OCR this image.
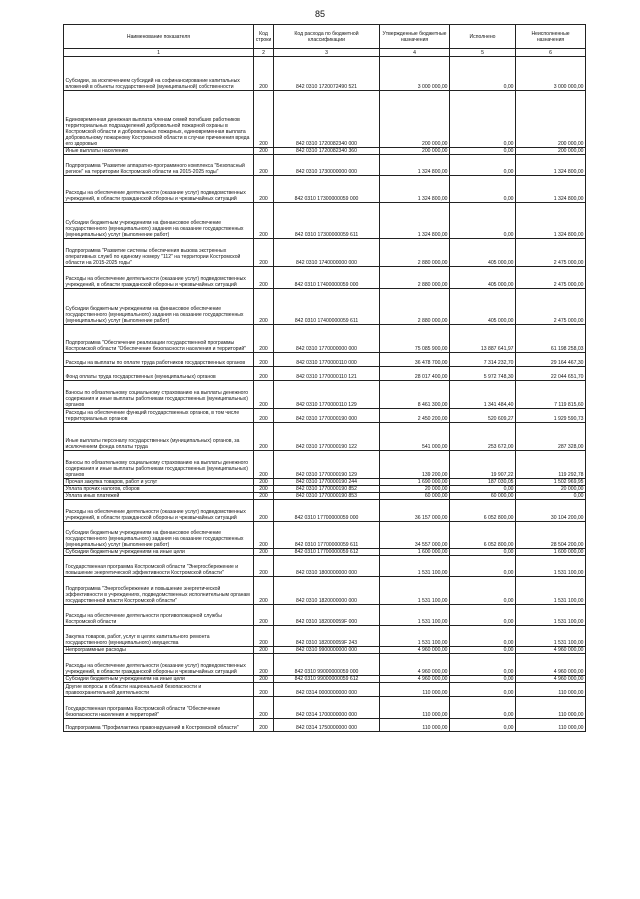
85
Наименование показателя	Код строки	Код расхода по бюджетной классификации	Утвержденные бюджетные назначения	Исполнено	Неисполненные назначения
1	2	3	4	5	6
Субсидии, за исключением субсидий на софинансирование капитальных вложений в объекты государственной (муниципальной) собственности	200	842 0310 1720072490 521	3 000 000,00	0,00	3 000 000,00
Единовременная денежная выплата членам семей погибших работников территориальных подразделений добровольной пожарной охраны в Костромской области и добровольных пожарных, единовременная выплата добровольному пожарному Костромской области в случае причинения вреда его здоровью	200	842 0310 1720082340 000	200 000,00	0,00	200 000,00
Иные выплаты населению	200	842 0310 1720082340 360	200 000,00	0,00	200 000,00
Подпрограмма "Развитие аппаратно-программного комплекса "Безопасный регион" на территории Костромской области на 2015-2025 годы"	200	842 0310 1730000000 000	1 324 800,00	0,00	1 324 800,00
Расходы на обеспечение деятельности (оказание услуг) подведомственных учреждений, в области гражданской обороны и чрезвычайных ситуаций	200	842 0310 17300000059 000	1 324 800,00	0,00	1 324 800,00
Субсидии бюджетным учреждениям на финансовое обеспечение государственного (муниципального) задания на оказание государственных (муниципальных) услуг (выполнение работ)	200	842 0310 17300000059 611	1 324 800,00	0,00	1 324 800,00
Подпрограмма "Развитие системы обеспечения вызова экстренных оперативных служб по единому номеру "112" на территории Костромской области на 2015-2025 годы"	200	842 0310 1740000000 000	2 880 000,00	405 000,00	2 475 000,00
Расходы на обеспечение деятельности (оказание услуг) подведомственных учреждений, в области гражданской обороны и чрезвычайных ситуаций	200	842 0310 17400000059 000	2 880 000,00	405 000,00	2 475 000,00
Субсидии бюджетным учреждениям на финансовое обеспечение государственного (муниципального) задания на оказание государственных (муниципальных) услуг (выполнение работ)	200	842 0310 17400000059 611	2 880 000,00	405 000,00	2 475 000,00
Подпрограмма "Обеспечение реализации государственной программы Костромской области "Обеспечение безопасности населения и территорий"	200	842 0310 1770000000 000	75 085 900,00	13 887 641,97	61 198 258,03
Расходы на выплаты по оплате труда работников государственных органов	200	842 0310 1770000110 000	36 478 700,00	7 314 232,70	29 164 467,30
Фонд оплаты труда государственных (муниципальных) органов	200	842 0310 1770000110 121	28 017 400,00	5 972 748,30	22 044 651,70
Взносы по обязательному социальному страхованию на выплаты денежного содержания и иные выплаты работникам государственных (муниципальных) органов	200	842 0310 1770000110 129	8 461 300,00	1 341 484,40	7 119 815,60
Расходы на обеспечение функций государственных органов, в том числе территориальных органов	200	842 0310 1770000190 000	2 450 200,00	520 609,27	1 929 590,73
Иные выплаты персоналу государственных (муниципальных) органов, за исключением фонда оплаты труда	200	842 0310 1770000190 122	541 000,00	253 672,00	287 328,00
Взносы по обязательному социальному страхованию на выплаты денежного содержания и иные выплаты работникам государственных (муниципальных) органов	200	842 0310 1770000190 129	139 200,00	19 907,22	119 292,78
Прочая закупка товаров, работ и услуг	200	842 0310 1770000190 244	1 690 000,00	187 030,05	1 502 969,95
Уплата прочих налогов, сборов	200	842 0310 1770000190 852	20 000,00	0,00	20 000,00
Уплата иных платежей	200	842 0310 1770000190 853	60 000,00	60 000,00	0,00
Расходы на обеспечение деятельности (оказание услуг) подведомственных учреждений, в области гражданской обороны и чрезвычайных ситуаций	200	842 0310 17700000059 000	36 157 000,00	6 052 800,00	30 104 200,00
Субсидии бюджетным учреждениям на финансовое обеспечение государственного (муниципального) задания на оказание государственных (муниципальных) услуг (выполнение работ)	200	842 0310 17700000059 611	34 557 000,00	6 052 800,00	28 504 200,00
Субсидии бюджетным учреждениям на иные цели	200	842 0310 17700000059 612	1 600 000,00	0,00	1 600 000,00
Государственная программа Костромской области "Энергосбережение и повышение энергетической эффективности Костромской области"	200	842 0310 1800000000 000	1 531 100,00	0,00	1 531 100,00
Подпрограмма "Энергосбережение и повышение энергетической эффективности в учреждениях, подведомственных исполнительным органам государственной власти Костромской области"	200	842 0310 1820000000 000	1 531 100,00	0,00	1 531 100,00
Расходы на обеспечение деятельности противопожарной службы Костромской области	200	842 0310 182000059F 000	1 531 100,00	0,00	1 531 100,00
Закупка товаров, работ, услуг в целях капитального ремонта государственного (муниципального) имущества	200	842 0310 182000059F 243	1 531 100,00	0,00	1 531 100,00
Непрограммные расходы	200	842 0310 9900000000 000	4 960 000,00	0,00	4 960 000,00
Расходы на обеспечение деятельности (оказание услуг) подведомственных учреждений, в области гражданской обороны и чрезвычайных ситуаций	200	842 0310 99000000059 000	4 960 000,00	0,00	4 960 000,00
Субсидии бюджетным учреждениям на иные цели	200	842 0310 99000000059 612	4 960 000,00	0,00	4 960 000,00
Другие вопросы в области национальной безопасности и правоохранительной деятельности	200	842 0314 0000000000 000	110 000,00	0,00	110 000,00
Государственная программа Костромской области "Обеспечение безопасности населения и территорий"	200	842 0314 1700000000 000	110 000,00	0,00	110 000,00
Подпрограмма "Профилактика правонарушений в Костромской области"	200	842 0314 1750000000 000	110 000,00	0,00	110 000,00
